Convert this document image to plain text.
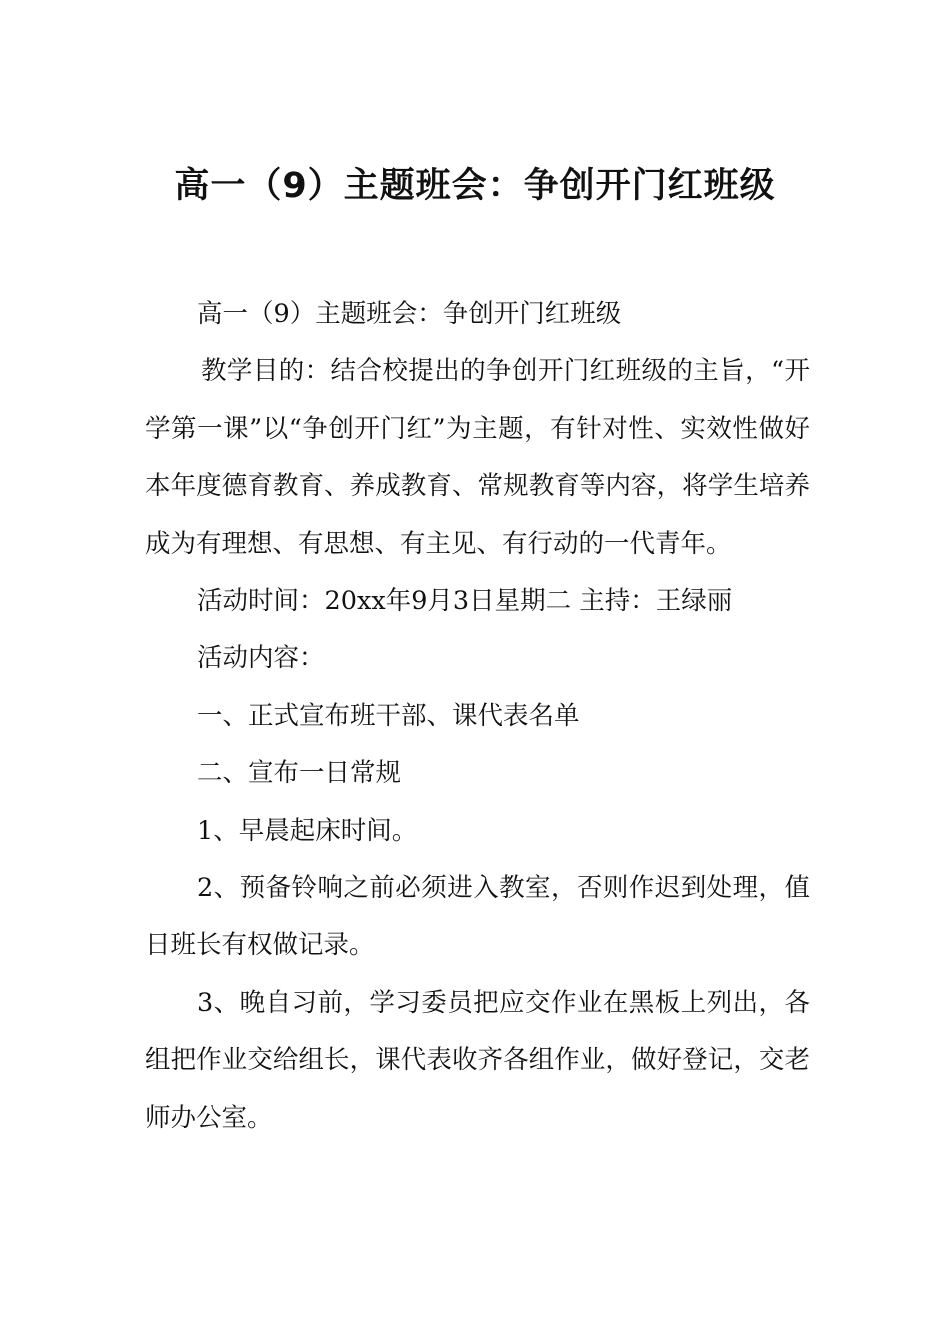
高一（9）主题班会：争创开门红班级

高一（9）主题班会：争创开门红班级

教学目的：结合校提出的争创开门红班级的主旨，“开学第一课”以“争创开门红”为主题，有针对性、实效性做好本年度德育教育、养成教育、常规教育等内容，将学生培养成为有理想、有思想、有主见、有行动的一代青年。

活动时间：20xx年9月3日星期二 主持：王绿丽

活动内容：

一、正式宣布班干部、课代表名单

二、宣布一日常规

1、早晨起床时间。

2、预备铃响之前必须进入教室，否则作迟到处理，值日班长有权做记录。

3、晚自习前，学习委员把应交作业在黑板上列出，各组把作业交给组长，课代表收齐各组作业，做好登记，交老师办公室。
